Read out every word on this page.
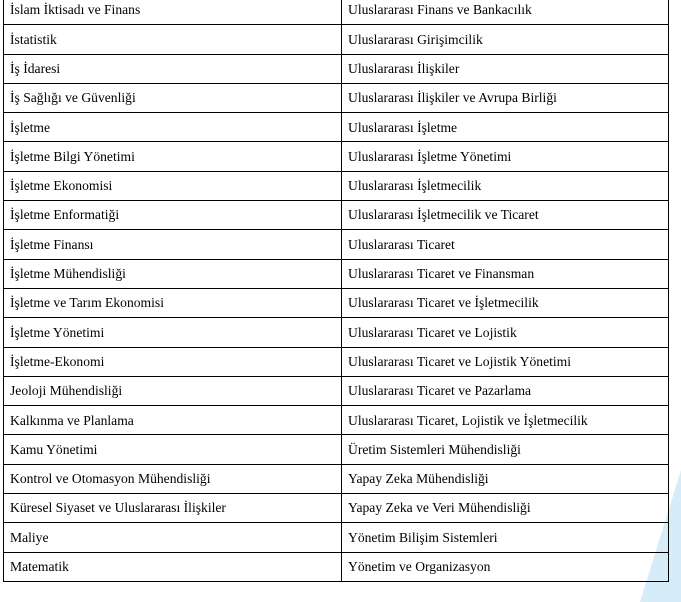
İslam İktisadı ve Finans	Uluslararası Finans ve Bankacılık
İstatistik	Uluslararası Girişimcilik
İş İdaresi	Uluslararası İlişkiler
İş Sağlığı ve Güvenliği	Uluslararası İlişkiler ve Avrupa Birliği
İşletme	Uluslararası İşletme
İşletme Bilgi Yönetimi	Uluslararası İşletme Yönetimi
İşletme Ekonomisi	Uluslararası İşletmecilik
İşletme Enformatiği	Uluslararası İşletmecilik ve Ticaret
İşletme Finansı	Uluslararası Ticaret
İşletme Mühendisliği	Uluslararası Ticaret ve Finansman
İşletme ve Tarım Ekonomisi	Uluslararası Ticaret ve İşletmecilik
İşletme Yönetimi	Uluslararası Ticaret ve Lojistik
İşletme-Ekonomi	Uluslararası Ticaret ve Lojistik Yönetimi
Jeoloji Mühendisliği	Uluslararası Ticaret ve Pazarlama
Kalkınma ve Planlama	Uluslararası Ticaret, Lojistik ve İşletmecilik
Kamu Yönetimi	Üretim Sistemleri Mühendisliği
Kontrol ve Otomasyon Mühendisliği	Yapay Zeka Mühendisliği
Küresel Siyaset ve Uluslararası İlişkiler	Yapay Zeka ve Veri Mühendisliği
Maliye	Yönetim Bilişim Sistemleri
Matematik	Yönetim ve Organizasyon
